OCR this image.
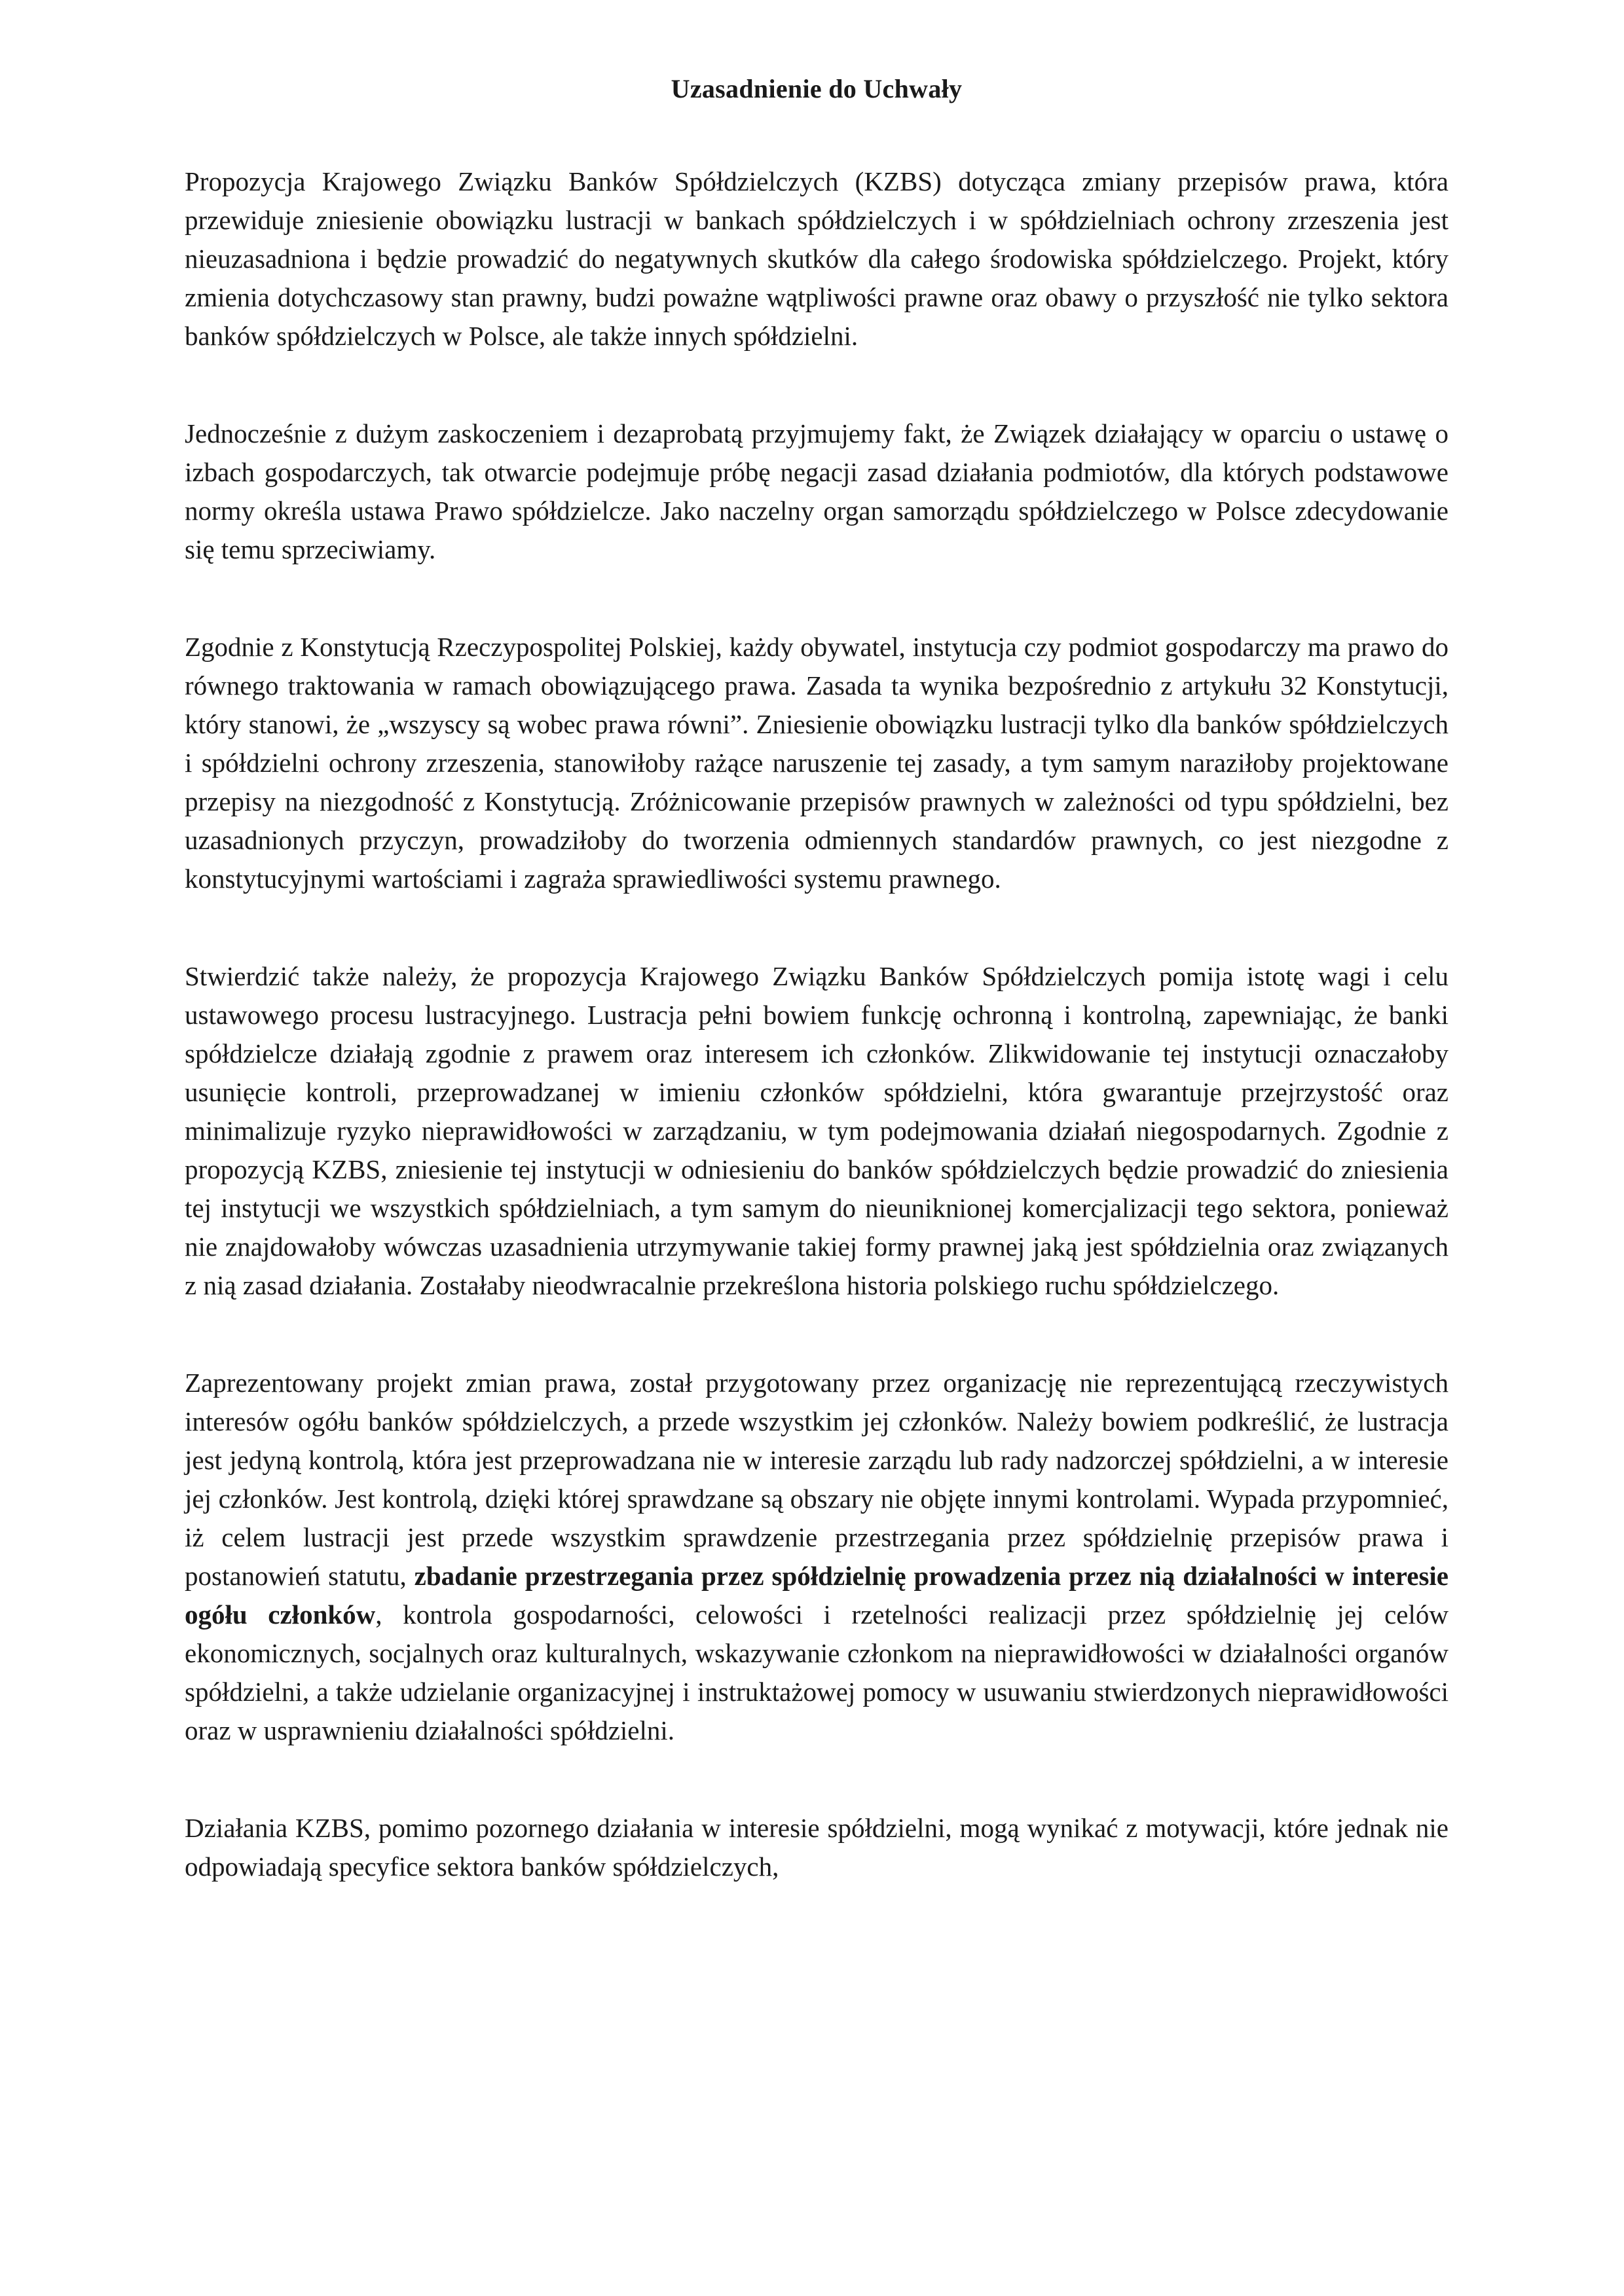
Uzasadnienie do Uchwały

Propozycja Krajowego Związku Banków Spółdzielczych (KZBS) dotycząca zmiany przepisów prawa, która przewiduje zniesienie obowiązku lustracji w bankach spółdzielczych i w spółdzielniach ochrony zrzeszenia jest nieuzasadniona i będzie prowadzić do negatywnych skutków dla całego środowiska spółdzielczego. Projekt, który zmienia dotychczasowy stan prawny, budzi poważne wątpliwości prawne oraz obawy o przyszłość nie tylko sektora banków spółdzielczych w Polsce, ale także innych spółdzielni.

Jednocześnie z dużym zaskoczeniem i dezaprobatą przyjmujemy fakt, że Związek działający w oparciu o ustawę o izbach gospodarczych, tak otwarcie podejmuje próbę negacji zasad działania podmiotów, dla których podstawowe normy określa ustawa Prawo spółdzielcze. Jako naczelny organ samorządu spółdzielczego w Polsce zdecydowanie się temu sprzeciwiamy.

Zgodnie z Konstytucją Rzeczypospolitej Polskiej, każdy obywatel, instytucja czy podmiot gospodarczy ma prawo do równego traktowania w ramach obowiązującego prawa. Zasada ta wynika bezpośrednio z artykułu 32 Konstytucji, który stanowi, że „wszyscy są wobec prawa równi”. Zniesienie obowiązku lustracji tylko dla banków spółdzielczych i spółdzielni ochrony zrzeszenia, stanowiłoby rażące naruszenie tej zasady, a tym samym naraziłoby projektowane przepisy na niezgodność z Konstytucją. Zróżnicowanie przepisów prawnych w zależności od typu spółdzielni, bez uzasadnionych przyczyn, prowadziłoby do tworzenia odmiennych standardów prawnych, co jest niezgodne z konstytucyjnymi wartościami i zagraża sprawiedliwości systemu prawnego.

Stwierdzić także należy, że propozycja Krajowego Związku Banków Spółdzielczych pomija istotę wagi i celu ustawowego procesu lustracyjnego. Lustracja pełni bowiem funkcję ochronną i kontrolną, zapewniając, że banki spółdzielcze działają zgodnie z prawem oraz interesem ich członków. Zlikwidowanie tej instytucji oznaczałoby usunięcie kontroli, przeprowadzanej w imieniu członków spółdzielni, która gwarantuje przejrzystość oraz minimalizuje ryzyko nieprawidłowości w zarządzaniu, w tym podejmowania działań niegospodarnych. Zgodnie z propozycją KZBS, zniesienie tej instytucji w odniesieniu do banków spółdzielczych będzie prowadzić do zniesienia tej instytucji we wszystkich spółdzielniach, a tym samym do nieuniknionej komercjalizacji tego sektora, ponieważ nie znajdowałoby wówczas uzasadnienia utrzymywanie takiej formy prawnej jaką jest spółdzielnia oraz związanych z nią zasad działania. Zostałaby nieodwracalnie przekreślona historia polskiego ruchu spółdzielczego.

Zaprezentowany projekt zmian prawa, został przygotowany przez organizację nie reprezentującą rzeczywistych interesów ogółu banków spółdzielczych, a przede wszystkim jej członków. Należy bowiem podkreślić, że lustracja jest jedyną kontrolą, która jest przeprowadzana nie w interesie zarządu lub rady nadzorczej spółdzielni, a w interesie jej członków. Jest kontrolą, dzięki której sprawdzane są obszary nie objęte innymi kontrolami. Wypada przypomnieć, iż celem lustracji jest przede wszystkim sprawdzenie przestrzegania przez spółdzielnię przepisów prawa i postanowień statutu, zbadanie przestrzegania przez spółdzielnię prowadzenia przez nią działalności w interesie ogółu członków, kontrola gospodarności, celowości i rzetelności realizacji przez spółdzielnię jej celów ekonomicznych, socjalnych oraz kulturalnych, wskazywanie członkom na nieprawidłowości w działalności organów spółdzielni, a także udzielanie organizacyjnej i instruktażowej pomocy w usuwaniu stwierdzonych nieprawidłowości oraz w usprawnieniu działalności spółdzielni.

Działania KZBS, pomimo pozornego działania w interesie spółdzielni, mogą wynikać z motywacji, które jednak nie odpowiadają specyfice sektora banków spółdzielczych,
